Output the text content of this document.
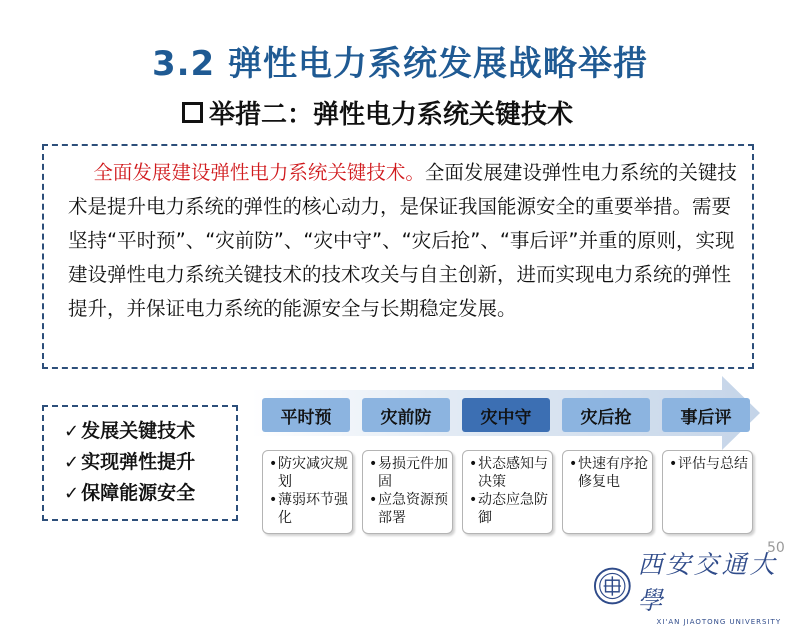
3.2 弹性电力系统发展战略举措
举措二：弹性电力系统关键技术

全面发展建设弹性电力系统关键技术。全面发展建设弹性电力系统的关键技术是提升电力系统的弹性的核心动力，是保证我国能源安全的重要举措。需要坚持“平时预”、“灾前防”、“灾中守”、“灾后抢”、“事后评”并重的原则，实现建设弹性电力系统关键技术的技术攻关与自主创新，进而实现电力系统的弹性提升，并保证电力系统的能源安全与长期稳定发展。

✓ 发展关键技术
✓ 实现弹性提升
✓ 保障能源安全
平时预	灾前防	灾中守	灾后抢	事后评
• 防灾减灾规划
• 薄弱环节强化
• 易损元件加固
• 应急资源预部署
• 状态感知与决策
• 动态应急防御
• 快速有序抢修复电
• 评估与总结
50
西安交通大學
XI'AN JIAOTONG UNIVERSITY
